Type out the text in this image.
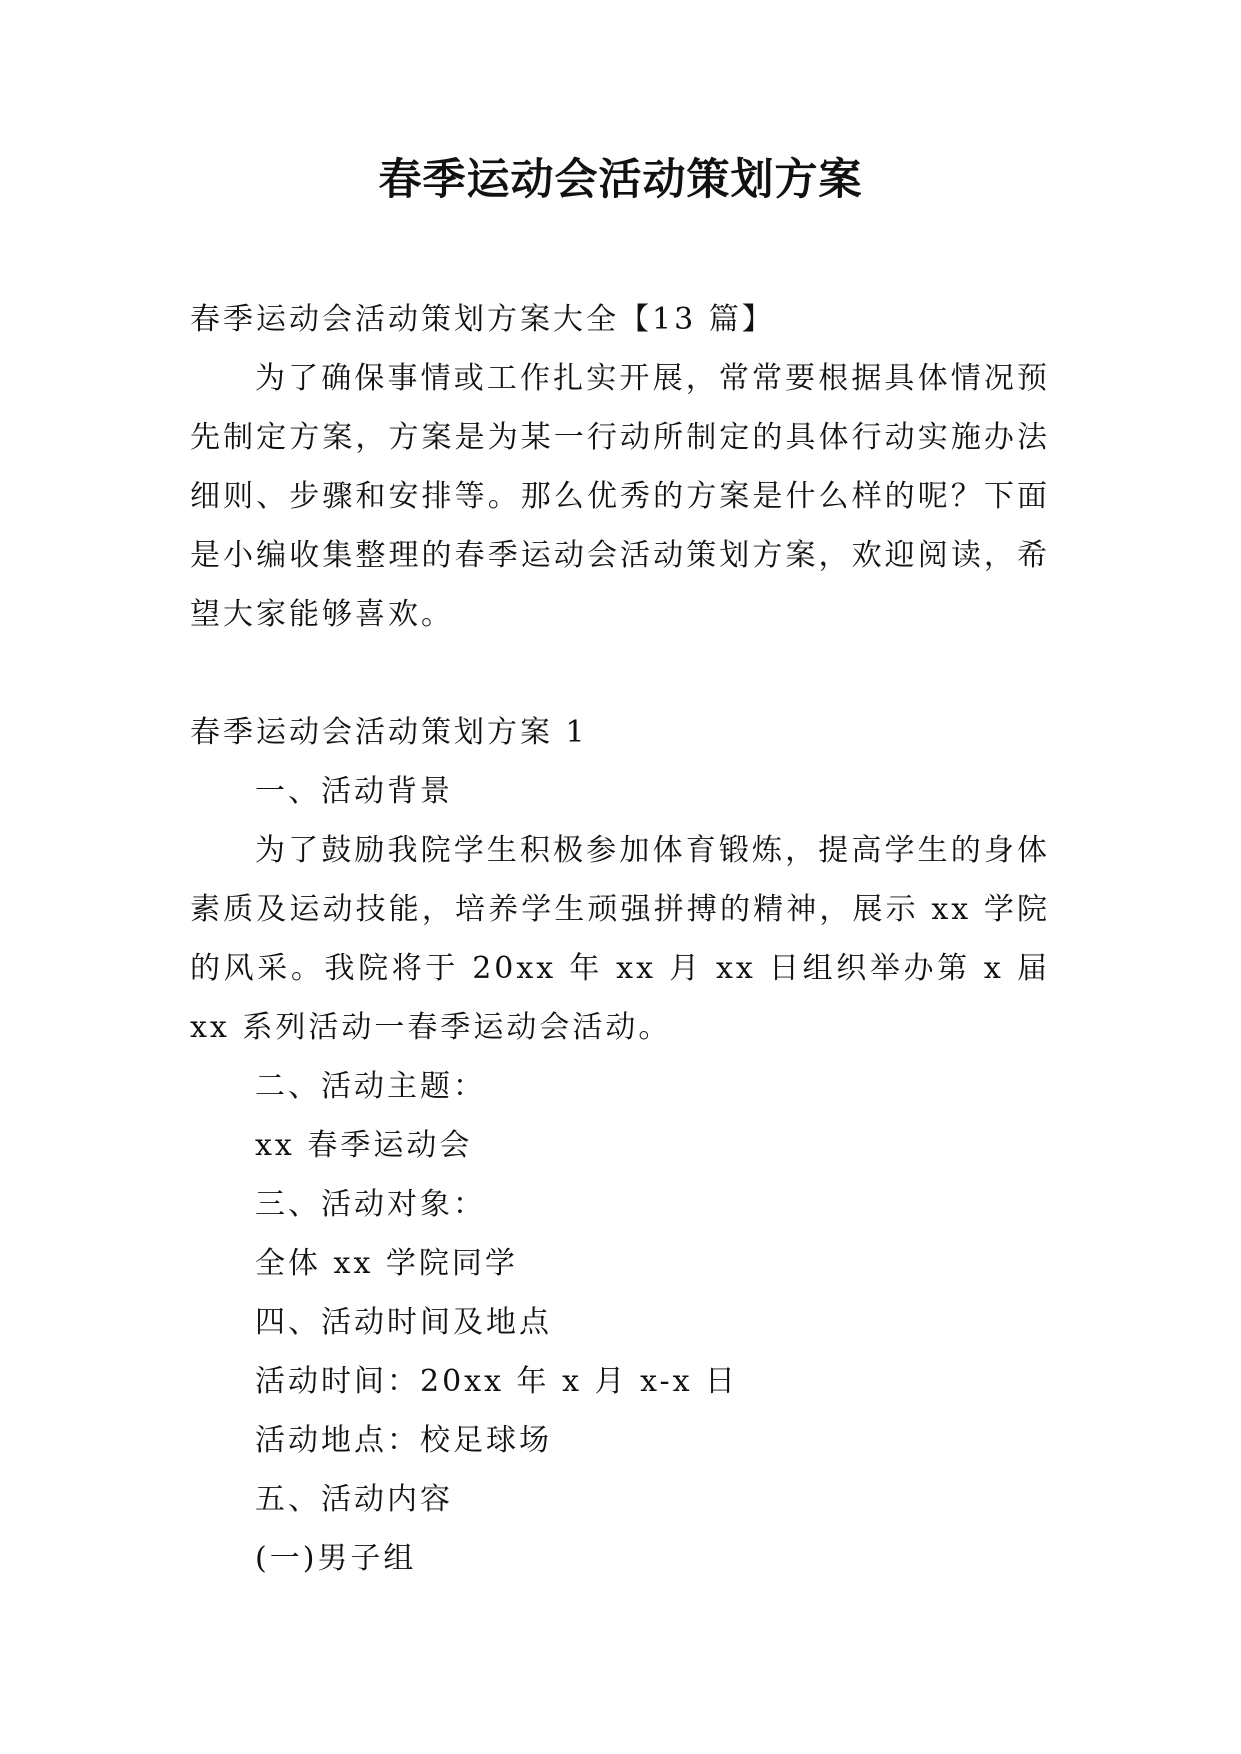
春季运动会活动策划方案

春季运动会活动策划方案大全【13 篇】

为了确保事情或工作扎实开展，常常要根据具体情况预先制定方案，方案是为某一行动所制定的具体行动实施办法细则、步骤和安排等。那么优秀的方案是什么样的呢？下面是小编收集整理的春季运动会活动策划方案，欢迎阅读，希望大家能够喜欢。

春季运动会活动策划方案 1

一、活动背景

为了鼓励我院学生积极参加体育锻炼，提高学生的身体素质及运动技能，培养学生顽强拼搏的精神，展示 xx 学院的风采。我院将于 20xx 年 xx 月 xx 日组织举办第 x 届 xx 系列活动一春季运动会活动。

二、活动主题：

xx 春季运动会

三、活动对象：

全体 xx 学院同学

四、活动时间及地点

活动时间：20xx 年 x 月 x-x 日

活动地点：校足球场

五、活动内容

(一)男子组
